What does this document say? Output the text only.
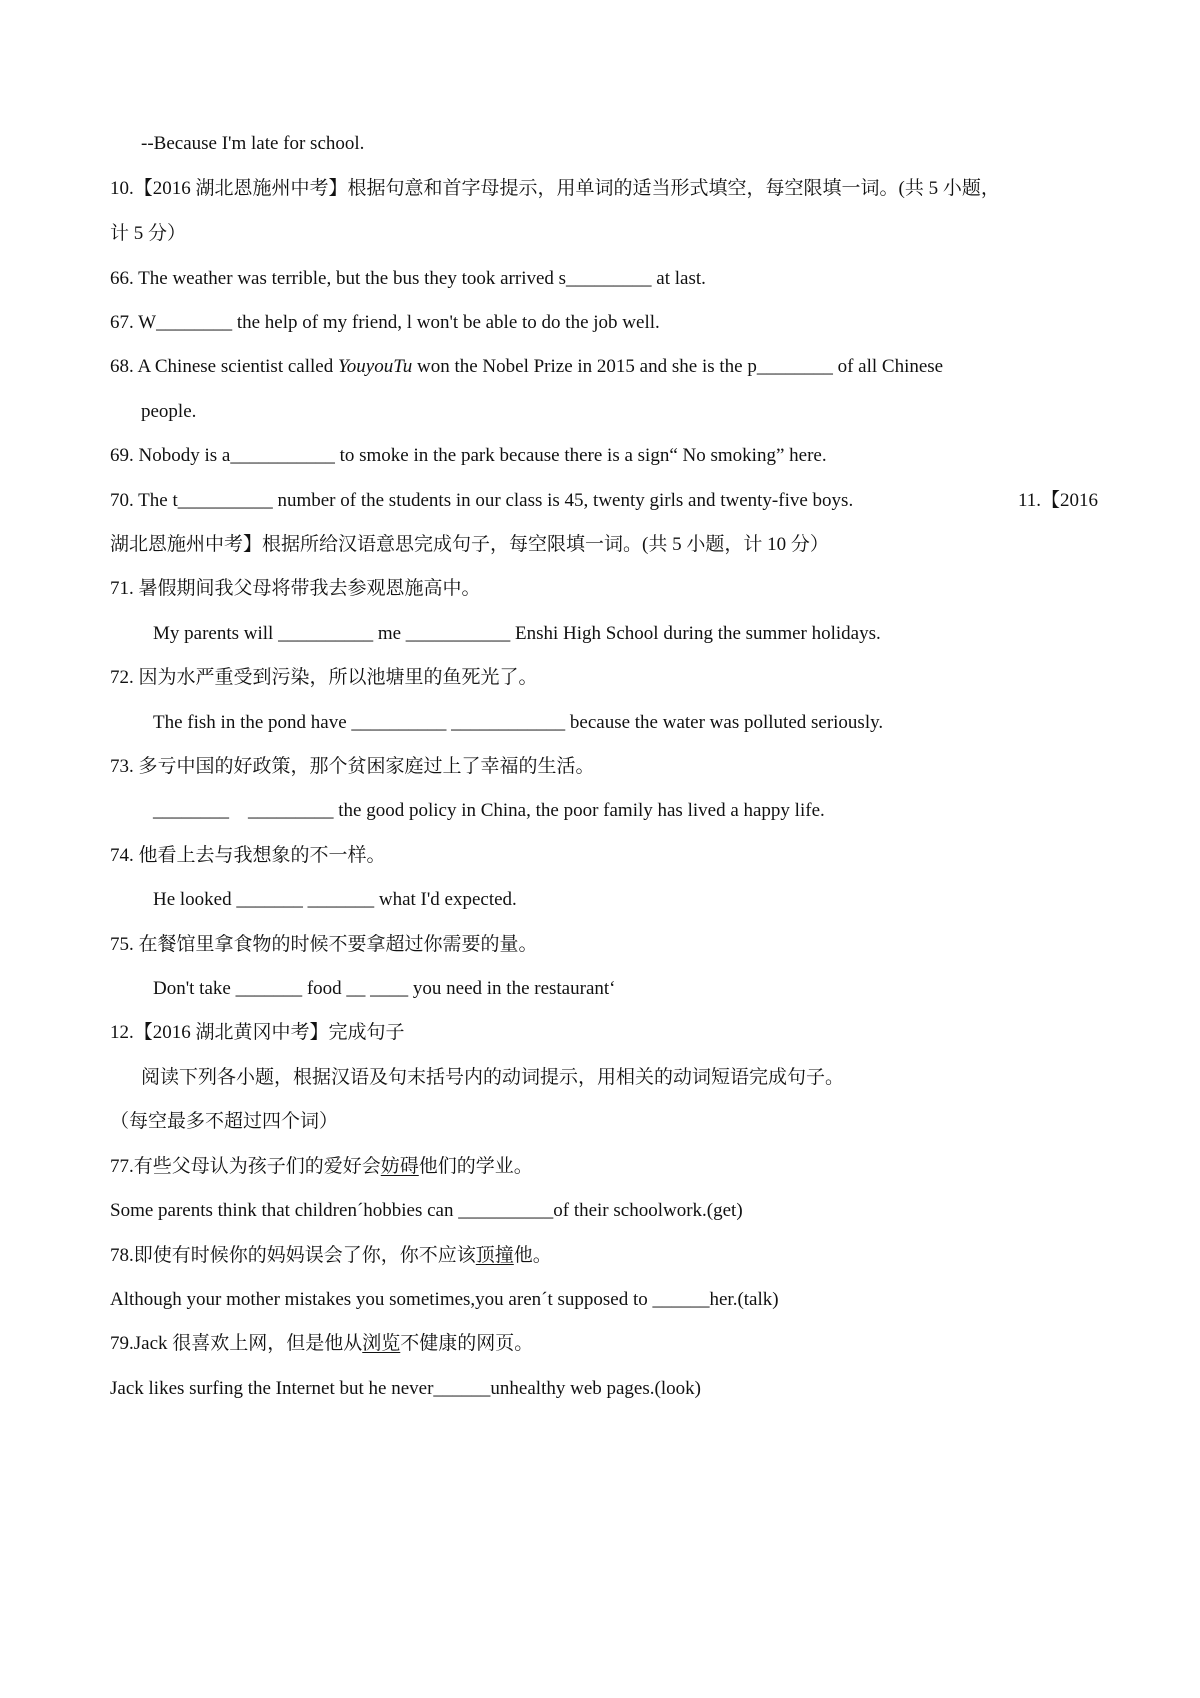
--Because I'm late for school.
10.【2016 湖北恩施州中考】根据句意和首字母提示，用单词的适当形式填空，每空限填一词。(共 5 小题，
计 5 分）
66. The weather was terrible, but the bus they took arrived s_________ at last.
67. W________ the help of my friend, l won't be able to do the job well.
68. A Chinese scientist called YouyouTu won the Nobel Prize in 2015 and she is the p________ of all Chinese
people.
69. Nobody is a___________ to smoke in the park because there is a sign“ No smoking” here.
70. The t__________ number of the students in our class is 45, twenty girls and twenty-five boys.	11.【2016
湖北恩施州中考】根据所给汉语意思完成句子，每空限填一词。(共 5 小题，计 10 分）
71. 暑假期间我父母将带我去参观恩施高中。
My parents will __________ me ___________ Enshi High School during the summer holidays.
72. 因为水严重受到污染，所以池塘里的鱼死光了。
The fish in the pond have __________ ____________ because the water was polluted seriously.
73. 多亏中国的好政策，那个贫困家庭过上了幸福的生活。
________    _________ the good policy in China, the poor family has lived a happy life.
74. 他看上去与我想象的不一样。
He looked _______ _______ what I'd expected.
75. 在餐馆里拿食物的时候不要拿超过你需要的量。
Don't take _______ food __ ____ you need in the restaurant‘
12.【2016 湖北黄冈中考】完成句子
阅读下列各小题，根据汉语及句末括号内的动词提示，用相关的动词短语完成句子。
（每空最多不超过四个词）
77.有些父母认为孩子们的爱好会妨碍他们的学业。
Some parents think that children´hobbies can __________of their schoolwork.(get)
78.即使有时候你的妈妈误会了你，你不应该顶撞他。
Although your mother mistakes you sometimes,you aren´t supposed to ______her.(talk)
79.Jack 很喜欢上网，但是他从浏览不健康的网页。
Jack likes surfing the Internet but he never______unhealthy web pages.(look)
